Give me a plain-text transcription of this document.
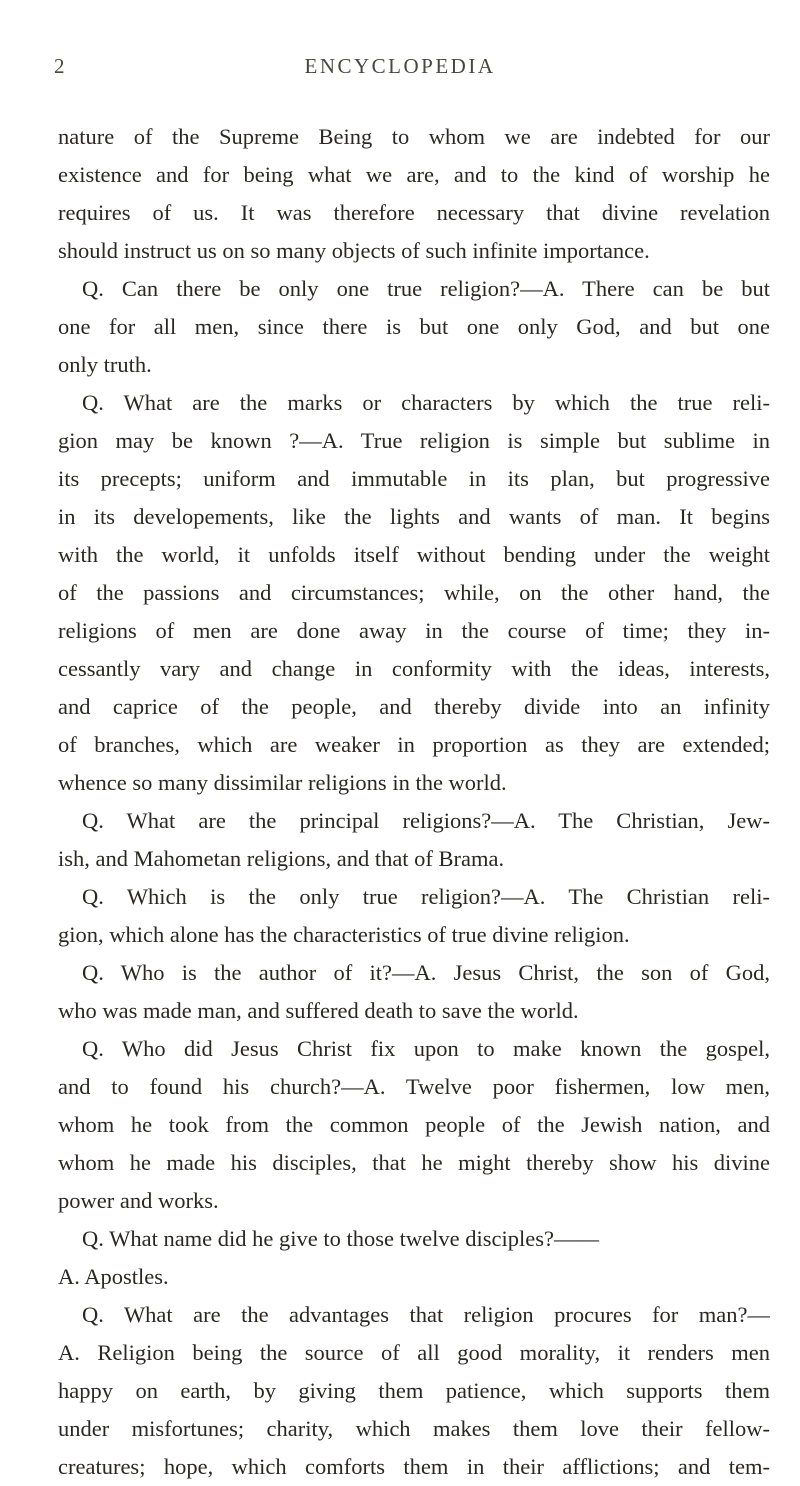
2	ENCYCLOPEDIA
nature of the Supreme Being to whom we are indebted for our
existence and for being what we are, and to the kind of worship he
requires of us. It was therefore necessary that divine revelation
should instruct us on so many objects of such infinite importance.
Q. Can there be only one true religion?—A. There can be but
one for all men, since there is but one only God, and but one
only truth.
Q. What are the marks or characters by which the true reli-
gion may be known ?—A. True religion is simple but sublime in
its precepts; uniform and immutable in its plan, but progressive
in its developements, like the lights and wants of man. It begins
with the world, it unfolds itself without bending under the weight
of the passions and circumstances; while, on the other hand, the
religions of men are done away in the course of time; they in-
cessantly vary and change in conformity with the ideas, interests,
and caprice of the people, and thereby divide into an infinity
of branches, which are weaker in proportion as they are extended;
whence so many dissimilar religions in the world.
Q. What are the principal religions?—A. The Christian, Jew-
ish, and Mahometan religions, and that of Brama.
Q. Which is the only true religion?—A. The Christian reli-
gion, which alone has the characteristics of true divine religion.
Q. Who is the author of it?—A. Jesus Christ, the son of God,
who was made man, and suffered death to save the world.
Q. Who did Jesus Christ fix upon to make known the gospel,
and to found his church?—A. Twelve poor fishermen, low men,
whom he took from the common people of the Jewish nation, and
whom he made his disciples, that he might thereby show his divine
power and works.
Q. What name did he give to those twelve disciples?——
A. Apostles.
Q. What are the advantages that religion procures for man?—
A. Religion being the source of all good morality, it renders men
happy on earth, by giving them patience, which supports them
under misfortunes; charity, which makes them love their fellow-
creatures; hope, which comforts them in their afflictions; and tem-
